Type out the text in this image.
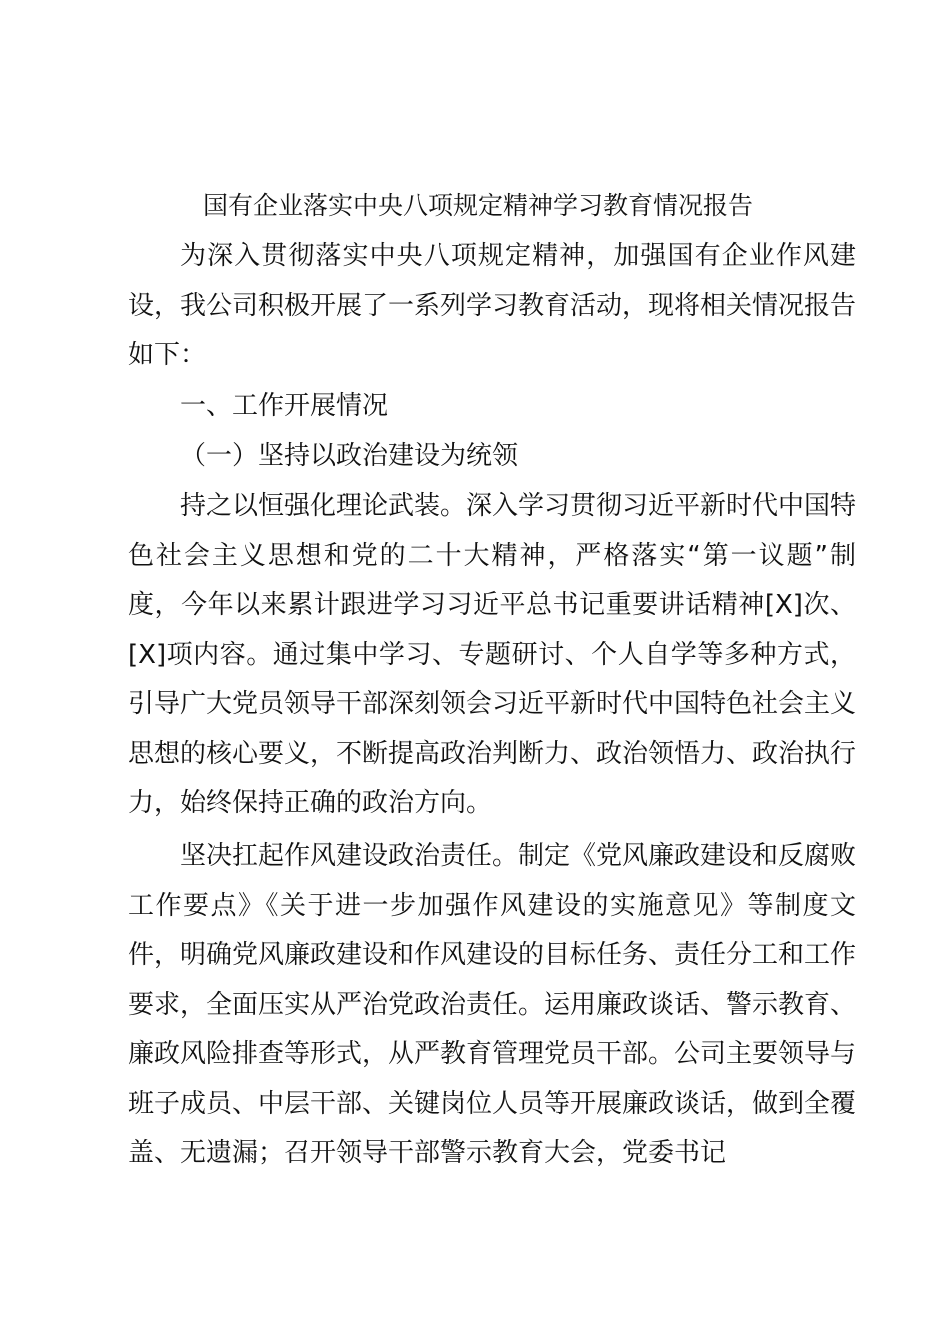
国有企业落实中央八项规定精神学习教育情况报告

为深入贯彻落实中央八项规定精神，加强国有企业作风建设，我公司积极开展了一系列学习教育活动，现将相关情况报告如下：

一、工作开展情况

（一）坚持以政治建设为统领

持之以恒强化理论武装。深入学习贯彻习近平新时代中国特色社会主义思想和党的二十大精神，严格落实“第一议题”制度，今年以来累计跟进学习习近平总书记重要讲话精神[X]次、[X]项内容。通过集中学习、专题研讨、个人自学等多种方式，引导广大党员领导干部深刻领会习近平新时代中国特色社会主义思想的核心要义，不断提高政治判断力、政治领悟力、政治执行力，始终保持正确的政治方向。

坚决扛起作风建设政治责任。制定《党风廉政建设和反腐败工作要点》《关于进一步加强作风建设的实施意见》等制度文件，明确党风廉政建设和作风建设的目标任务、责任分工和工作要求，全面压实从严治党政治责任。运用廉政谈话、警示教育、廉政风险排查等形式，从严教育管理党员干部。公司主要领导与班子成员、中层干部、关键岗位人员等开展廉政谈话，做到全覆盖、无遗漏；召开领导干部警示教育大会，党委书记
